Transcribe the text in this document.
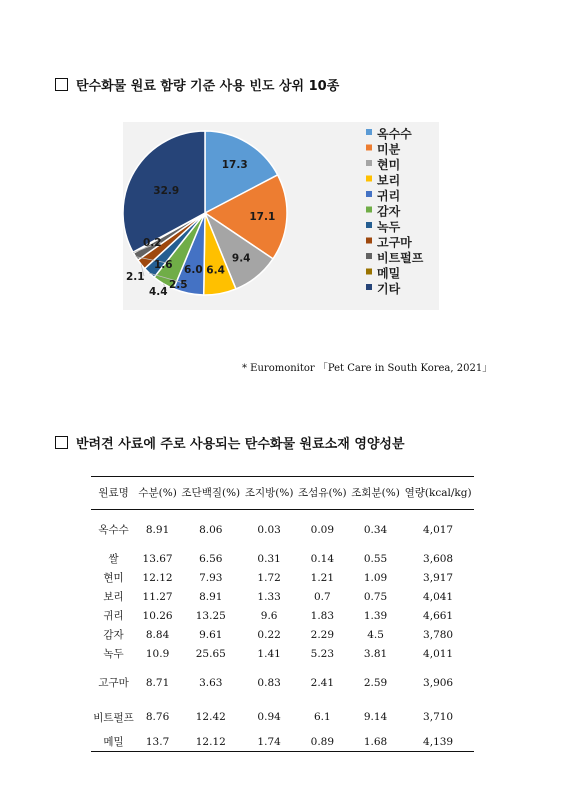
탄수화물 원료 함량 기준 사용 빈도 상위 10종
17.3
17.1
9.4
6.4
6.0
4.4
2.5
2.1
1.6
0.2
32.9
옥수수
미분
현미
보리
귀리
감자
녹두
고구마
비트펄프
메밀
기타
* Euromonitor 「Pet Care in South Korea, 2021」
반려견 사료에 주로 사용되는 탄수화물 원료소재 영양성분
원료명	수분(%)	조단백질(%)	조지방(%)	조섬유(%)	조회분(%)	열량(kcal/kg)
옥수수	8.91	8.06	0.03	0.09	0.34	4,017
쌀	13.67	6.56	0.31	0.14	0.55	3,608
현미	12.12	7.93	1.72	1.21	1.09	3,917
보리	11.27	8.91	1.33	0.7	0.75	4,041
귀리	10.26	13.25	9.6	1.83	1.39	4,661
감자	8.84	9.61	0.22	2.29	4.5	3,780
녹두	10.9	25.65	1.41	5.23	3.81	4,011
고구마	8.71	3.63	0.83	2.41	2.59	3,906
비트펄프	8.76	12.42	0.94	6.1	9.14	3,710
메밀	13.7	12.12	1.74	0.89	1.68	4,139
